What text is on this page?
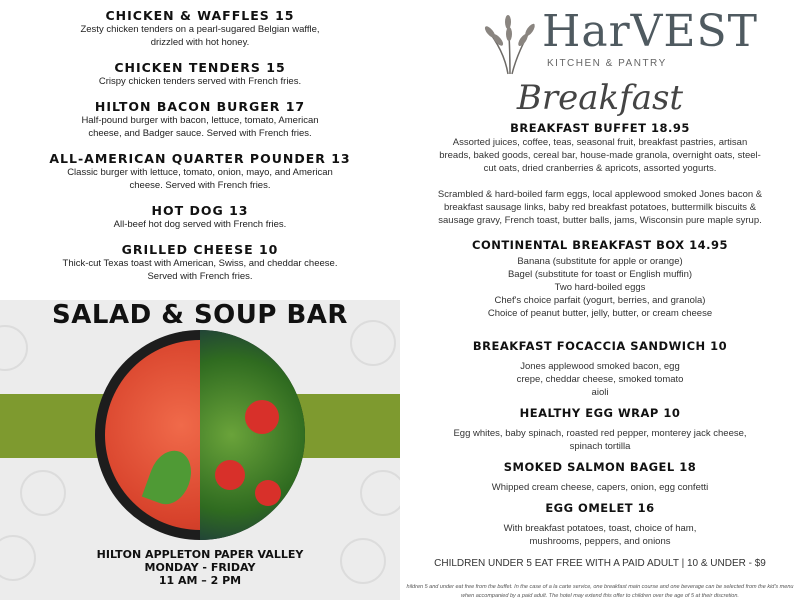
CHICKEN & WAFFLES 15

Zesty chicken tenders on a pearl-sugared Belgian waffle, drizzled with hot honey.

CHICKEN TENDERS 15

Crispy chicken tenders served with French fries.

HILTON BACON BURGER 17

Half-pound burger with bacon, lettuce, tomato, American cheese, and Badger sauce. Served with French fries.

ALL-AMERICAN QUARTER POUNDER 13

Classic burger with lettuce, tomato, onion, mayo, and American cheese. Served with French fries.

HOT DOG 13

All-beef hot dog served with French fries.

GRILLED CHEESE 10

Thick-cut Texas toast with American, Swiss, and cheddar cheese. Served with French fries.

SALAD & SOUP BAR
HILTON APPLETON PAPER VALLEY
MONDAY - FRIDAY
11 AM – 2 PM
HarVEST
KITCHEN & PANTRY
Breakfast
BREAKFAST BUFFET 18.95

Assorted juices, coffee, teas, seasonal fruit, breakfast pastries, artisan breads, baked goods, cereal bar, house-made granola, overnight oats, steel-cut oats, dried cranberries & apricots, assorted yogurts.

Scrambled & hard-boiled farm eggs, local applewood smoked Jones bacon & breakfast sausage links, baby red breakfast potatoes, buttermilk biscuits & sausage gravy, French toast, butter balls, jams, Wisconsin pure maple syrup.

CONTINENTAL BREAKFAST BOX 14.95

Banana (substitute for apple or orange)

Bagel (substitute for toast or English muffin)

Two hard-boiled eggs

Chef's choice parfait (yogurt, berries, and granola)

Choice of peanut butter, jelly, butter, or cream cheese

BREAKFAST FOCACCIA SANDWICH 10

Jones applewood smoked bacon, egg crepe, cheddar cheese, smoked tomato aioli

HEALTHY EGG WRAP 10

Egg whites, baby spinach, roasted red pepper, monterey jack cheese, spinach tortilla

SMOKED SALMON BAGEL 18

Whipped cream cheese, capers, onion, egg confetti

EGG OMELET 16

With breakfast potatoes, toast, choice of ham, mushrooms, peppers, and onions

CHILDREN UNDER 5 EAT FREE WITH A PAID ADULT | 10 & UNDER - $9
hildren 5 and under eat free from the buffet. In the case of a la carte service, one breakfast main course and one beverage can be selected from the kid's menu when accompanied by a paid adult. The hotel may extend this offer to children over the age of 5 at their discretion.
